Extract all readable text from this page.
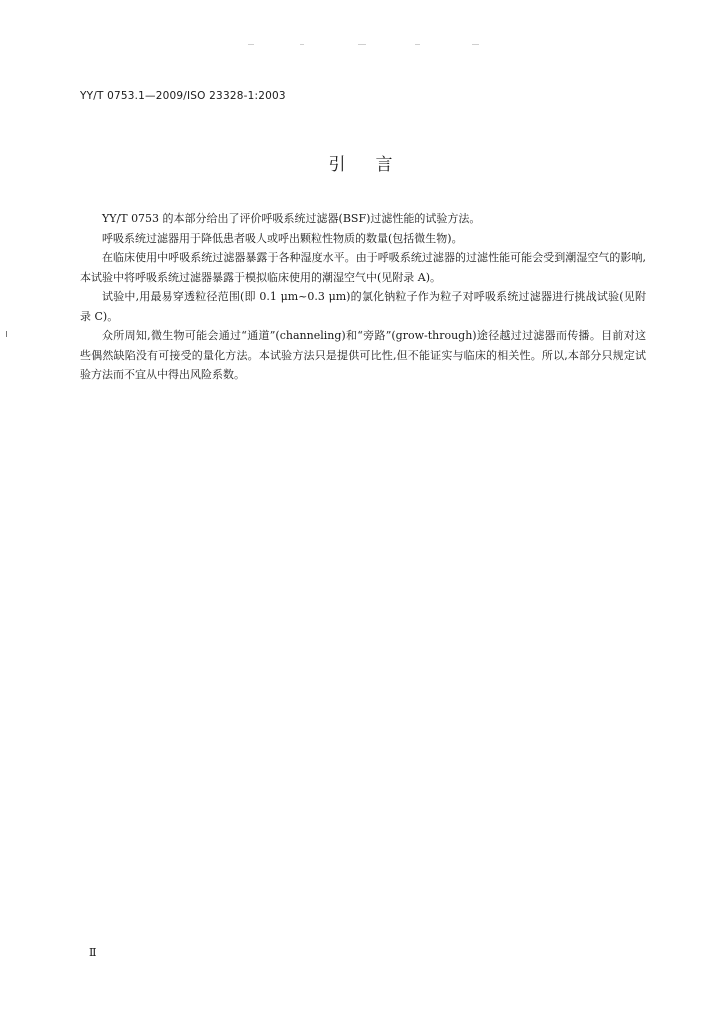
YY/T 0753.1—2009/ISO 23328-1:2003
引言

YY/T 0753 的本部分给出了评价呼吸系统过滤器(BSF)过滤性能的试验方法。

呼吸系统过滤器用于降低患者吸人或呼出颗粒性物质的数量(包括微生物)。

在临床使用中呼吸系统过滤器暴露于各种湿度水平。由于呼吸系统过滤器的过滤性能可能会受到潮湿空气的影响,本试验中将呼吸系统过滤器暴露于模拟临床使用的潮湿空气中(见附录 A)。

试验中,用最易穿透粒径范围(即 0.1 μm~0.3 μm)的氯化钠粒子作为粒子对呼吸系统过滤器进行挑战试验(见附录 C)。

众所周知,微生物可能会通过“通道”(channeling)和“旁路”(grow-through)途径越过过滤器而传播。目前对这些偶然缺陷没有可接受的量化方法。本试验方法只是提供可比性,但不能证实与临床的相关性。所以,本部分只规定试验方法而不宜从中得出风险系数。

Ⅱ
